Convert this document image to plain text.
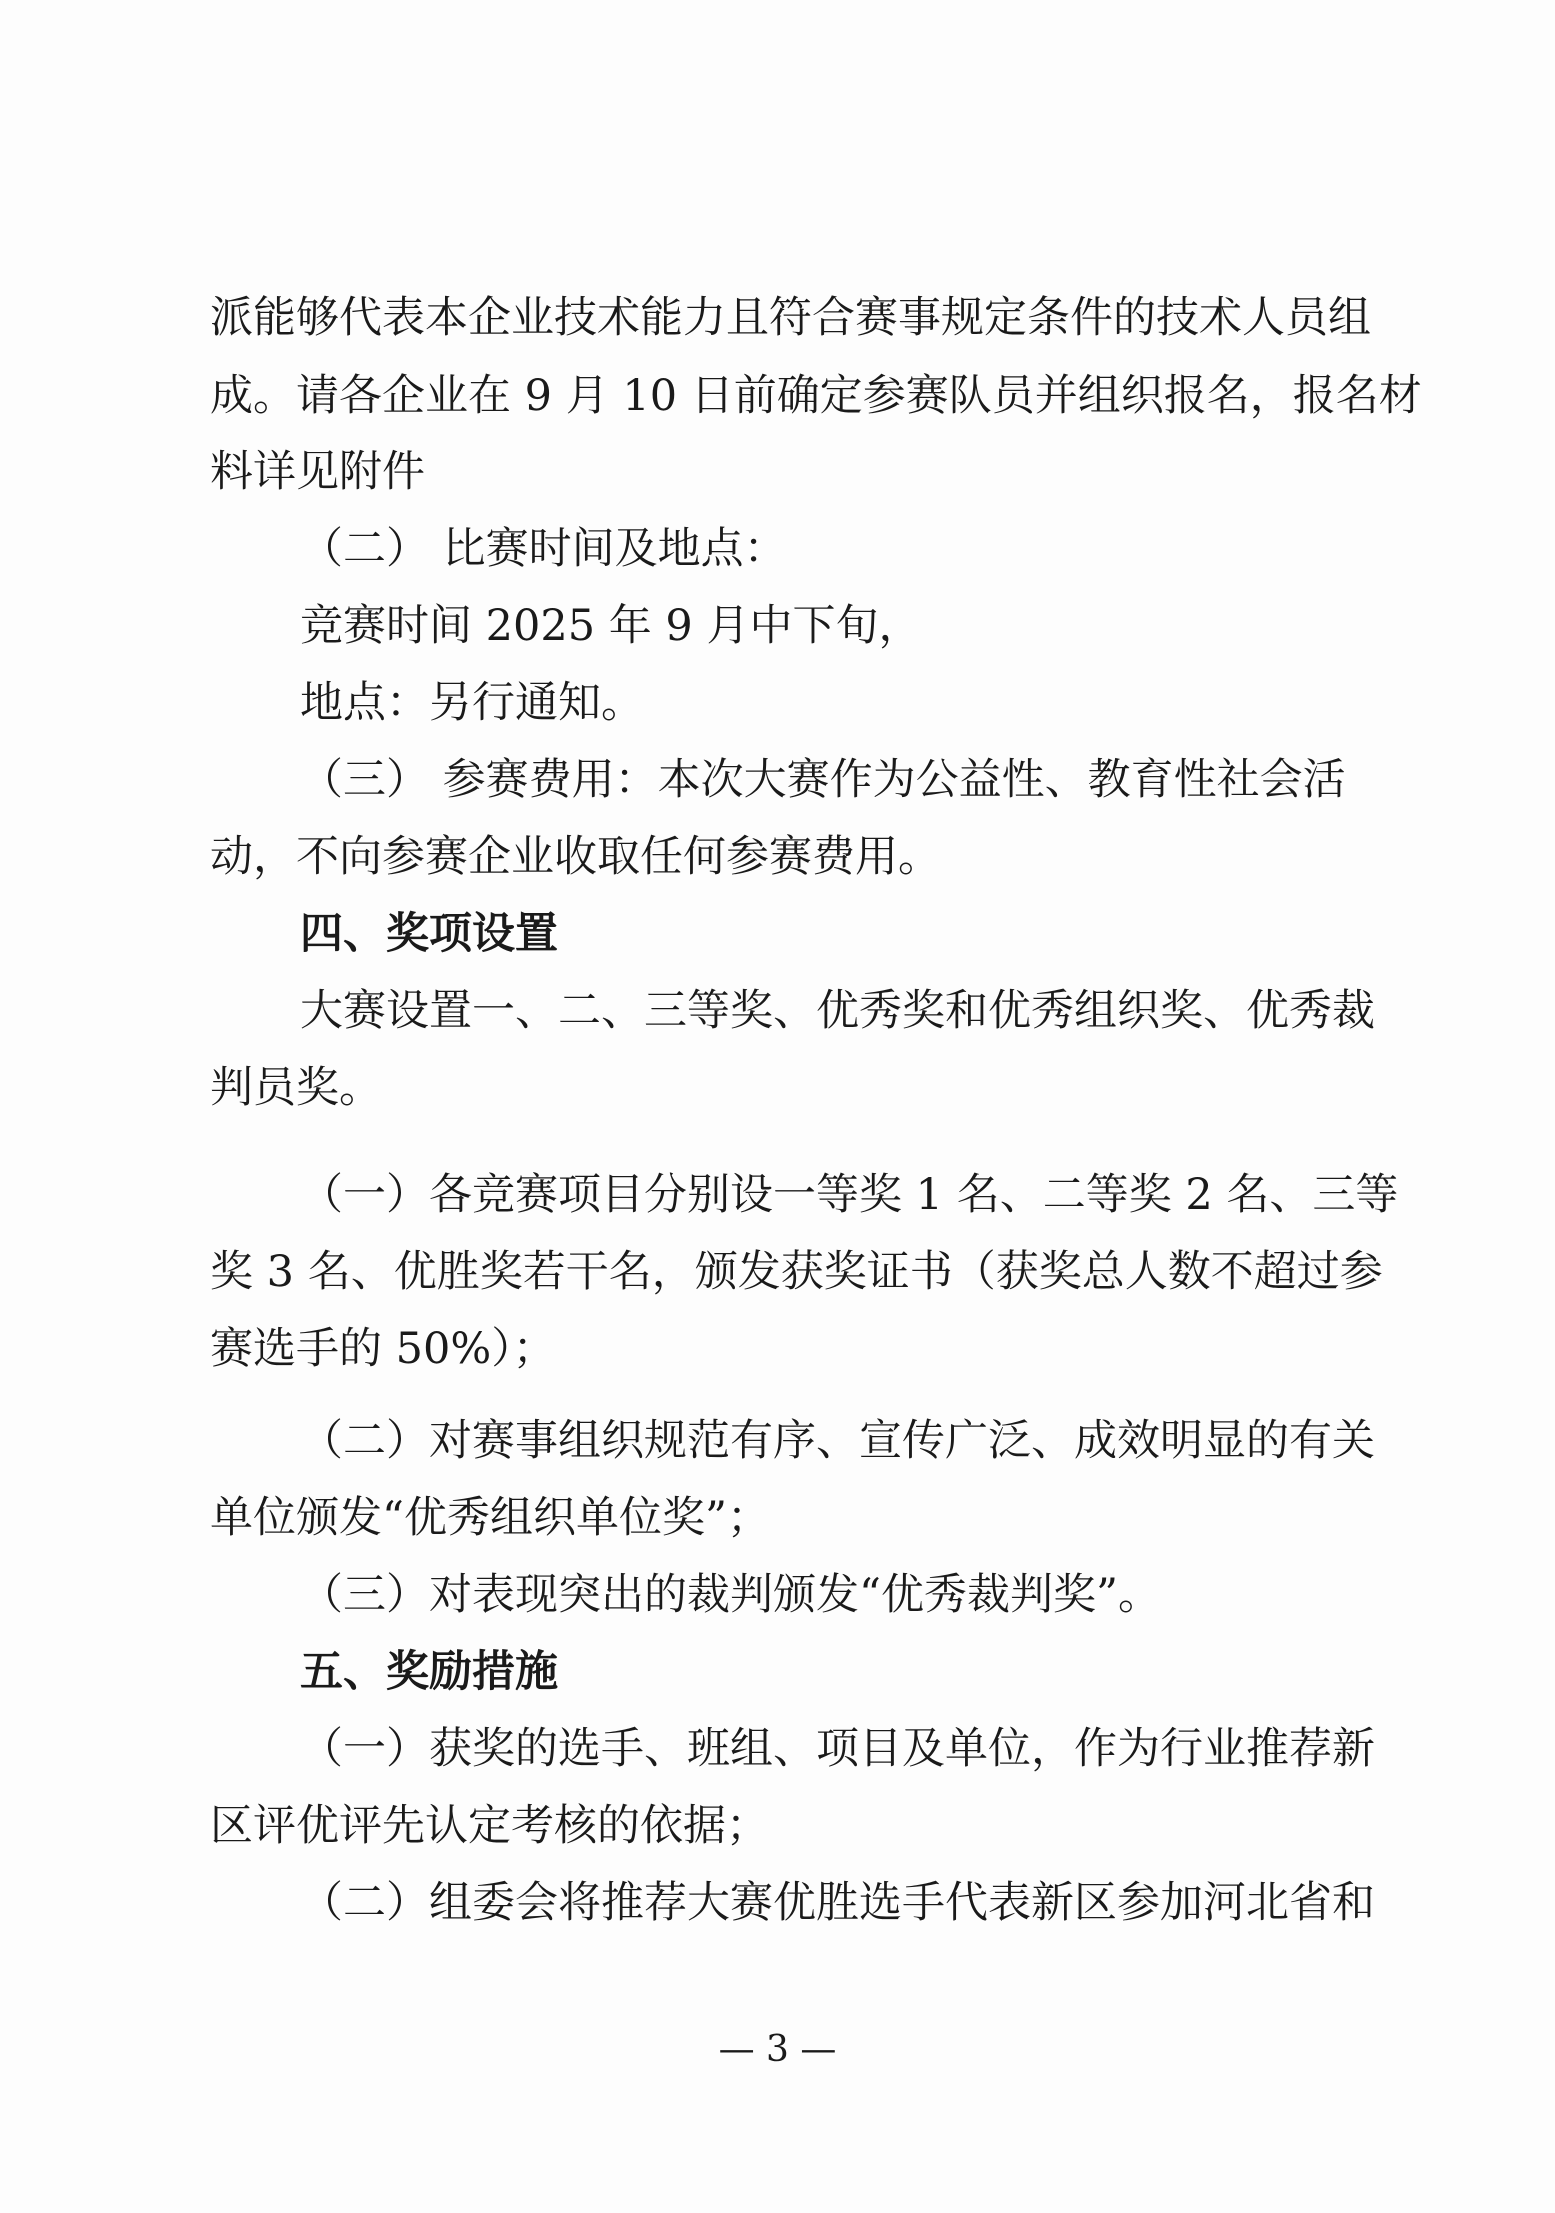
派能够代表本企业技术能力且符合赛事规定条件的技术人员组
成。请各企业在 9 月 10 日前确定参赛队员并组织报名，报名材
料详见附件
（二） 比赛时间及地点：
竞赛时间 2025 年 9 月中下旬，
地点：另行通知。
（三） 参赛费用：本次大赛作为公益性、教育性社会活
动，不向参赛企业收取任何参赛费用。
四、奖项设置
大赛设置一、二、三等奖、优秀奖和优秀组织奖、优秀裁
判员奖。
（一）各竞赛项目分别设一等奖 1 名、二等奖 2 名、三等
奖 3 名、优胜奖若干名，颁发获奖证书（获奖总人数不超过参
赛选手的 50%）；
（二）对赛事组织规范有序、宣传广泛、成效明显的有关
单位颁发“优秀组织单位奖”；
（三）对表现突出的裁判颁发“优秀裁判奖”。
五、奖励措施
（一）获奖的选手、班组、项目及单位，作为行业推荐新
区评优评先认定考核的依据；
（二）组委会将推荐大赛优胜选手代表新区参加河北省和
— 3 —
